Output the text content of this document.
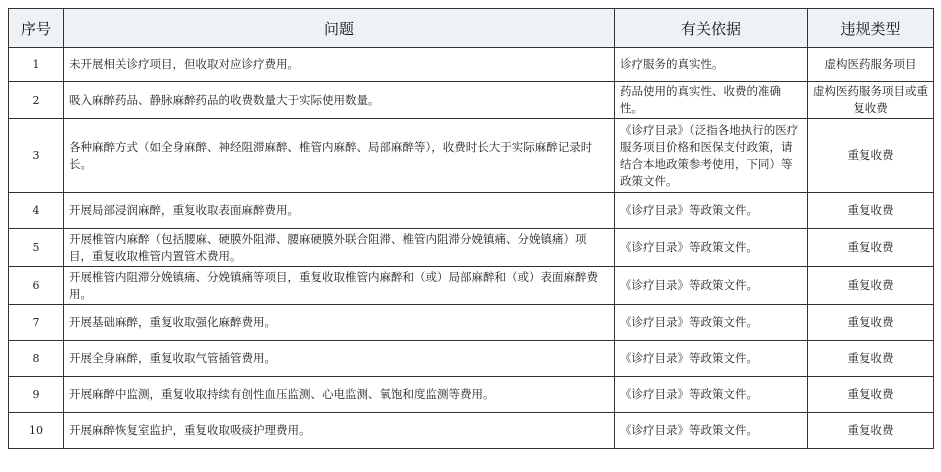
序号	问题	有关依据	违规类型
1	未开展相关诊疗项目，但收取对应诊疗费用。	诊疗服务的真实性。	虚构医药服务项目
2	吸入麻醉药品、静脉麻醉药品的收费数量大于实际使用数量。	药品使用的真实性、收费的准确性。	虚构医药服务项目或重复收费
3	各种麻醉方式（如全身麻醉、神经阻滞麻醉、椎管内麻醉、局部麻醉等），收费时长大于实际麻醉记录时长。	《诊疗目录》（泛指各地执行的医疗服务项目价格和医保支付政策，请结合本地政策参考使用，下同）等政策文件。	重复收费
4	开展局部浸润麻醉，重复收取表面麻醉费用。	《诊疗目录》等政策文件。	重复收费
5	开展椎管内麻醉（包括腰麻、硬膜外阻滞、腰麻硬膜外联合阻滞、椎管内阻滞分娩镇痛、分娩镇痛）项目，重复收取椎管内置管术费用。	《诊疗目录》等政策文件。	重复收费
6	开展椎管内阻滞分娩镇痛、分娩镇痛等项目，重复收取椎管内麻醉和（或）局部麻醉和（或）表面麻醉费用。	《诊疗目录》等政策文件。	重复收费
7	开展基础麻醉，重复收取强化麻醉费用。	《诊疗目录》等政策文件。	重复收费
8	开展全身麻醉，重复收取气管插管费用。	《诊疗目录》等政策文件。	重复收费
9	开展麻醉中监测，重复收取持续有创性血压监测、心电监测、氧饱和度监测等费用。	《诊疗目录》等政策文件。	重复收费
10	开展麻醉恢复室监护，重复收取吸痰护理费用。	《诊疗目录》等政策文件。	重复收费
